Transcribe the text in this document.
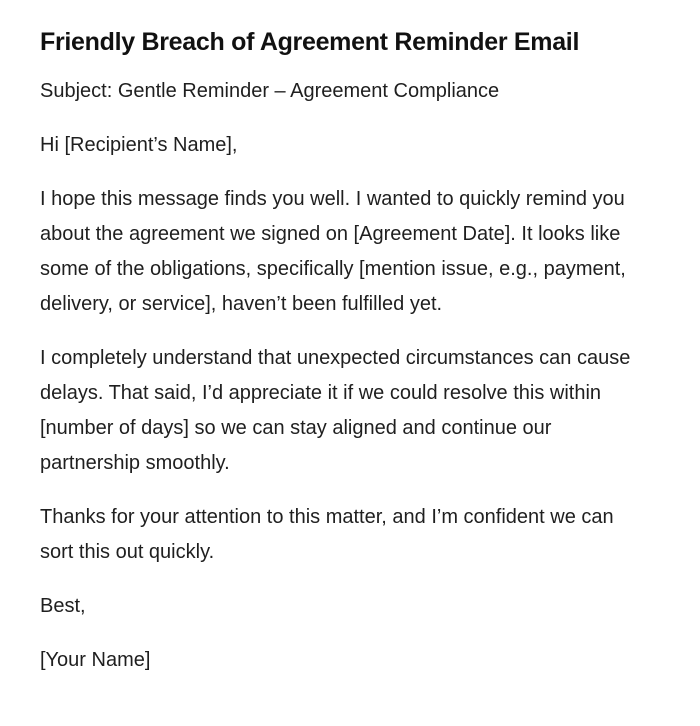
Friendly Breach of Agreement Reminder Email
Subject: Gentle Reminder – Agreement Compliance

Hi [Recipient’s Name],

I hope this message finds you well. I wanted to quickly remind you about the agreement we signed on [Agreement Date]. It looks like some of the obligations, specifically [mention issue, e.g., payment, delivery, or service], haven’t been fulfilled yet.

I completely understand that unexpected circumstances can cause delays. That said, I’d appreciate it if we could resolve this within [number of days] so we can stay aligned and continue our partnership smoothly.

Thanks for your attention to this matter, and I’m confident we can sort this out quickly.

Best,

[Your Name]
